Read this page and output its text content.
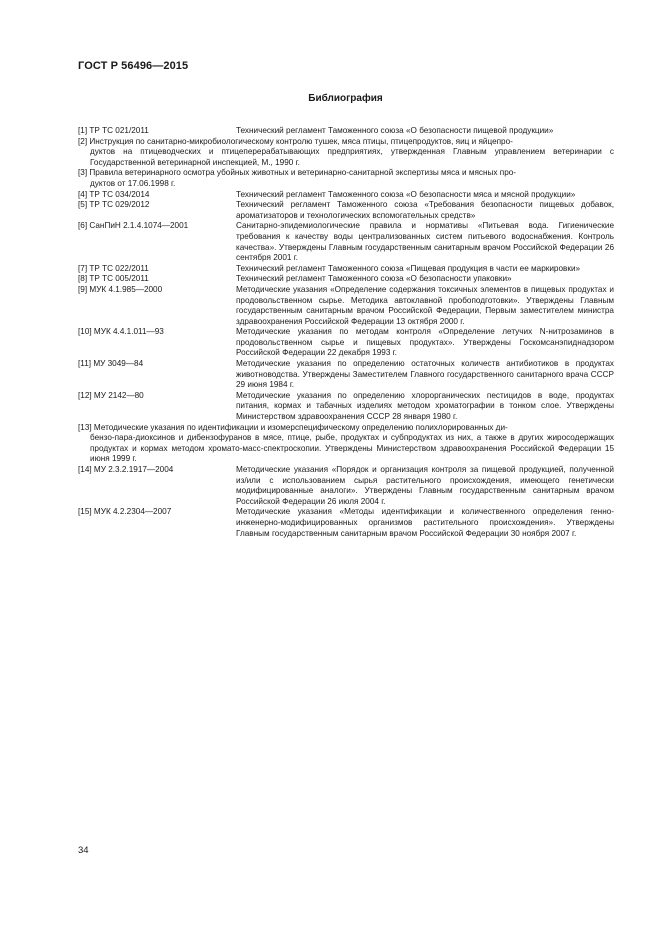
ГОСТ Р 56496—2015
Библиография
[1] ТР ТС 021/2011	Технический регламент Таможенного союза «О безопасности пищевой продукции»
[2] Инструкция по санитарно-микробиологическому контролю тушек, мяса птицы, птицепродуктов, яиц и яйцепро-
дуктов на птицеводческих и птицеперерабатывающих предприятиях, утвержденная Главным управлением ветеринарии с Государственной ветеринарной инспекцией, М., 1990 г.
[3] Правила ветеринарного осмотра убойных животных и ветеринарно-санитарной экспертизы мяса и мясных про-
дуктов от 17.06.1998 г.
[4] ТР ТС 034/2014	Технический регламент Таможенного союза «О безопасности мяса и мясной продукции»
[5] ТР ТС 029/2012	Технический регламент Таможенного союза «Требования безопасности пищевых добавок, ароматизаторов и технологических вспомогательных средств»
[6] СанПиН 2.1.4.1074—2001	Санитарно-эпидемиологические правила и нормативы «Питьевая вода. Гигиенические требования к качеству воды централизованных систем питьевого водоснабжения. Контроль качества». Утверждены Главным государственным санитарным врачом Российской Федерации 26 сентября 2001 г.
[7] ТР ТС 022/2011	Технический регламент Таможенного союза «Пищевая продукция в части ее маркировки»
[8] ТР ТС 005/2011	Технический регламент Таможенного союза «О безопасности упаковки»
[9] МУК 4.1.985—2000	Методические указания «Определение содержания токсичных элементов в пищевых продуктах и продовольственном сырье. Методика автоклавной пробоподготовки». Утверждены Главным государственным санитарным врачом Российской Федерации, Первым заместителем министра здравоохранения Российской Федерации 13 октября 2000 г.
[10] МУК 4.4.1.011—93	Методические указания по методам контроля «Определение летучих N-нитрозаминов в продовольственном сырье и пищевых продуктах». Утверждены Госкомсанэпиднадзором Российской Федерации 22 декабря 1993 г.
[11] МУ 3049—84	Методические указания по определению остаточных количеств антибиотиков в продуктах животноводства. Утверждены Заместителем Главного государственного санитарного врача СССР 29 июня 1984 г.
[12] МУ 2142—80	Методические указания по определению хлорорганических пестицидов в воде, продуктах питания, кормах и табачных изделиях методом хроматографии в тонком слое. Утверждены Министерством здравоохранения СССР 28 января 1980 г.
[13] Методические указания по идентификации и изомерспецифическому определению полихлорированных ди-
бензо-пара-диоксинов и дибензофуранов в мясе, птице, рыбе, продуктах и субпродуктах из них, а также в других жиросодержащих продуктах и кормах методом хромато-масс-спектроскопии. Утверждены Министерством здравоохранения Российской Федерации 15 июня 1999 г.
[14] МУ 2.3.2.1917—2004	Методические указания «Порядок и организация контроля за пищевой продукцией, полученной из/или с использованием сырья растительного происхождения, имеющего генетически модифицированные аналоги». Утверждены Главным государственным санитарным врачом Российской Федерации 26 июля 2004 г.
[15] МУК 4.2.2304—2007	Методические указания «Методы идентификации и количественного определения генно-инженерно-модифицированных организмов растительного происхождения». Утверждены Главным государственным санитарным врачом Российской Федерации 30 ноября 2007 г.
34
